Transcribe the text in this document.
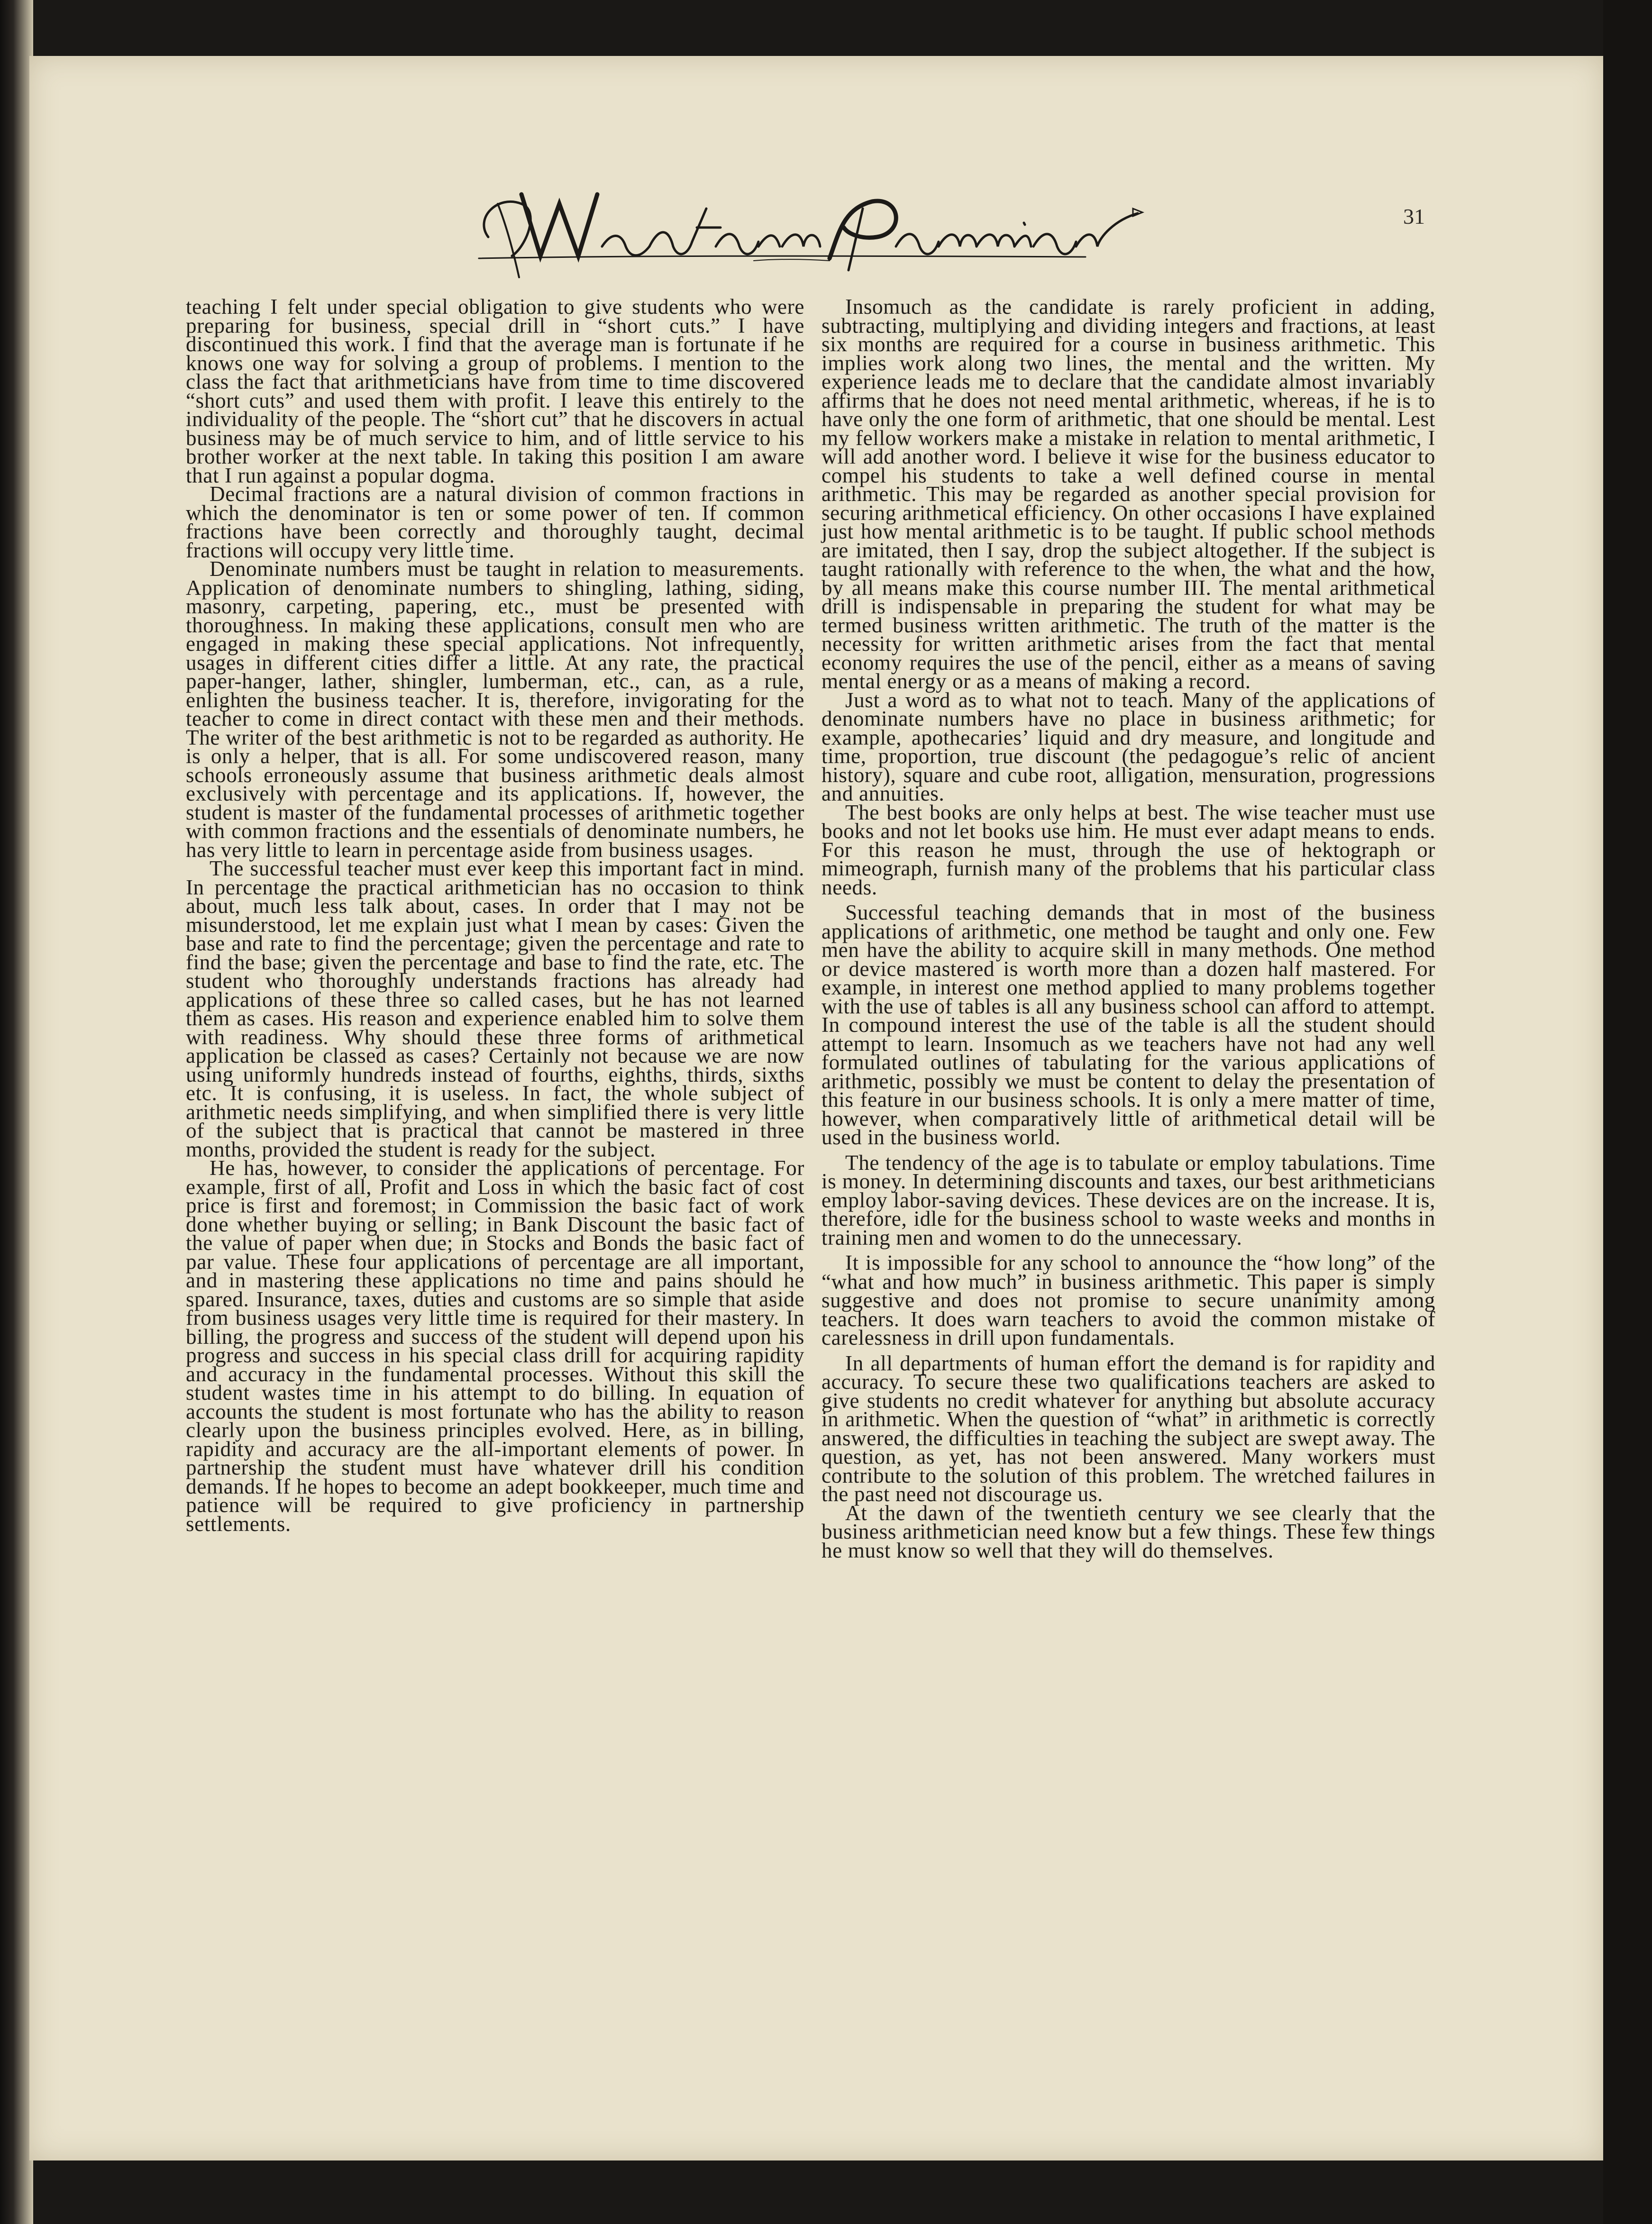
31

teaching I felt under special obligation to give students who were preparing for business, special drill in “short cuts.” I have discontinued this work. I find that the average man is fortunate if he knows one way for solving a group of problems. I mention to the class the fact that arithmeticians have from time to time discovered “short cuts” and used them with profit. I leave this entirely to the individuality of the people. The “short cut” that he discovers in actual business may be of much service to him, and of little service to his brother worker at the next table. In taking this position I am aware that I run against a popular dogma.

Decimal fractions are a natural division of common fractions in which the denominator is ten or some power of ten. If common fractions have been correctly and thoroughly taught, decimal fractions will occupy very little time.

Denominate numbers must be taught in relation to measurements. Application of denominate numbers to shingling, lathing, siding, masonry, carpeting, papering, etc., must be presented with thoroughness. In making these applications, consult men who are engaged in making these special applications. Not infrequently, usages in different cities differ a little. At any rate, the practical paper-hanger, lather, shingler, lumberman, etc., can, as a rule, enlighten the business teacher. It is, therefore, invigorating for the teacher to come in direct contact with these men and their methods. The writer of the best arithmetic is not to be regarded as authority. He is only a helper, that is all. For some undiscovered reason, many schools erroneously assume that business arithmetic deals almost exclusively with percentage and its applications. If, however, the student is master of the fundamental processes of arithmetic together with common fractions and the essentials of denominate numbers, he has very little to learn in percentage aside from business usages.

The successful teacher must ever keep this important fact in mind. In percentage the practical arithmetician has no occasion to think about, much less talk about, cases. In order that I may not be misunderstood, let me explain just what I mean by cases: Given the base and rate to find the percentage; given the percentage and rate to find the base; given the percentage and base to find the rate, etc. The student who thoroughly understands fractions has already had applications of these three so called cases, but he has not learned them as cases. His reason and experience enabled him to solve them with readiness. Why should these three forms of arithmetical application be classed as cases? Certainly not because we are now using uniformly hundreds instead of fourths, eighths, thirds, sixths etc. It is confusing, it is useless. In fact, the whole subject of arithmetic needs simplifying, and when simplified there is very little of the subject that is practical that cannot be mastered in three months, provided the student is ready for the subject.

He has, however, to consider the applications of percentage. For example, first of all, Profit and Loss in which the basic fact of cost price is first and foremost; in Commission the basic fact of work done whether buying or selling; in Bank Discount the basic fact of the value of paper when due; in Stocks and Bonds the basic fact of par value. These four applications of percentage are all important, and in mastering these applications no time and pains should he spared. Insurance, taxes, duties and customs are so simple that aside from business usages very little time is required for their mastery. In billing, the progress and success of the student will depend upon his progress and success in his special class drill for acquiring rapidity and accuracy in the fundamental processes. Without this skill the student wastes time in his attempt to do billing. In equation of accounts the student is most fortunate who has the ability to reason clearly upon the business principles evolved. Here, as in billing, rapidity and accuracy are the all-important elements of power. In partnership the student must have whatever drill his condition demands. If he hopes to become an adept bookkeeper, much time and patience will be required to give proficiency in partnership settlements.

Insomuch as the candidate is rarely proficient in adding, subtracting, multiplying and dividing integers and fractions, at least six months are required for a course in business arithmetic. This implies work along two lines, the mental and the written. My experience leads me to declare that the candidate almost invariably affirms that he does not need mental arithmetic, whereas, if he is to have only the one form of arithmetic, that one should be mental. Lest my fellow workers make a mistake in relation to mental arithmetic, I will add another word. I believe it wise for the business educator to compel his students to take a well defined course in mental arithmetic. This may be regarded as another special provision for securing arithmetical efficiency. On other occasions I have explained just how mental arithmetic is to be taught. If public school methods are imitated, then I say, drop the subject altogether. If the subject is taught rationally with reference to the when, the what and the how, by all means make this course number III. The mental arithmetical drill is indispensable in preparing the student for what may be termed business written arithmetic. The truth of the matter is the necessity for written arithmetic arises from the fact that mental economy requires the use of the pencil, either as a means of saving mental energy or as a means of making a record.

Just a word as to what not to teach. Many of the applications of denominate numbers have no place in business arithmetic; for example, apothecaries’ liquid and dry measure, and longitude and time, proportion, true discount (the pedagogue’s relic of ancient history), square and cube root, alligation, mensuration, progressions and annuities.

The best books are only helps at best. The wise teacher must use books and not let books use him. He must ever adapt means to ends. For this reason he must, through the use of hektograph or mimeograph, furnish many of the problems that his particular class needs.

Successful teaching demands that in most of the business applications of arithmetic, one method be taught and only one. Few men have the ability to acquire skill in many methods. One method or device mastered is worth more than a dozen half mastered. For example, in interest one method applied to many problems together with the use of tables is all any business school can afford to attempt. In compound interest the use of the table is all the student should attempt to learn. Insomuch as we teachers have not had any well formulated outlines of tabulating for the various applications of arithmetic, possibly we must be content to delay the presentation of this feature in our business schools. It is only a mere matter of time, however, when comparatively little of arithmetical detail will be used in the business world.

The tendency of the age is to tabulate or employ tabulations. Time is money. In determining discounts and taxes, our best arithmeticians employ labor-saving devices. These devices are on the increase. It is, therefore, idle for the business school to waste weeks and months in training men and women to do the unnecessary.

It is impossible for any school to announce the “how long” of the “what and how much” in business arithmetic. This paper is simply suggestive and does not promise to secure unanimity among teachers. It does warn teachers to avoid the common mistake of carelessness in drill upon fundamentals.

In all departments of human effort the demand is for rapidity and accuracy. To secure these two qualifications teachers are asked to give students no credit whatever for anything but absolute accuracy in arithmetic. When the question of “what” in arithmetic is correctly answered, the difficulties in teaching the subject are swept away. The question, as yet, has not been answered. Many workers must contribute to the solution of this problem. The wretched failures in the past need not discourage us.

At the dawn of the twentieth century we see clearly that the business arithmetician need know but a few things. These few things he must know so well that they will do themselves.
